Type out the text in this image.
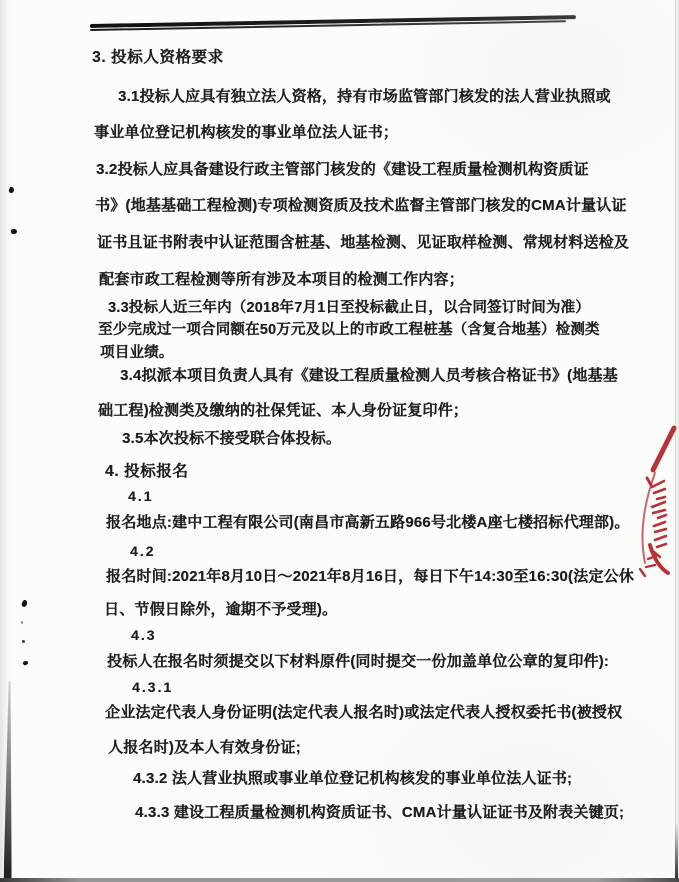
3. 投标人资格要求
3.1投标人应具有独立法人资格，持有市场监管部门核发的法人营业执照或
事业单位登记机构核发的事业单位法人证书；
3.2投标人应具备建设行政主管部门核发的《建设工程质量检测机构资质证
书》(地基基础工程检测)专项检测资质及技术监督主管部门核发的CMA计量认证
证书且证书附表中认证范围含桩基、地基检测、见证取样检测、常规材料送检及
配套市政工程检测等所有涉及本项目的检测工作内容；
3.3投标人近三年内（2018年7月1日至投标截止日，以合同签订时间为准）
至少完成过一项合同额在50万元及以上的市政工程桩基（含复合地基）检测类
项目业绩。
3.4拟派本项目负责人具有《建设工程质量检测人员考核合格证书》(地基基
础工程)检测类及缴纳的社保凭证、本人身份证复印件；
3.5本次投标不接受联合体投标。
4. 投标报名
4.1
报名地点:建中工程有限公司(南昌市高新五路966号北楼A座七楼招标代理部)。
4.2
报名时间:2021年8月10日～2021年8月16日，每日下午14:30至16:30(法定公休
日、节假日除外，逾期不予受理)。
4.3
投标人在报名时须提交以下材料原件(同时提交一份加盖单位公章的复印件):
4.3.1
企业法定代表人身份证明(法定代表人报名时)或法定代表人授权委托书(被授权
人报名时)及本人有效身份证;
4.3.2 法人营业执照或事业单位登记机构核发的事业单位法人证书;
4.3.3 建设工程质量检测机构资质证书、CMA计量认证证书及附表关键页;
